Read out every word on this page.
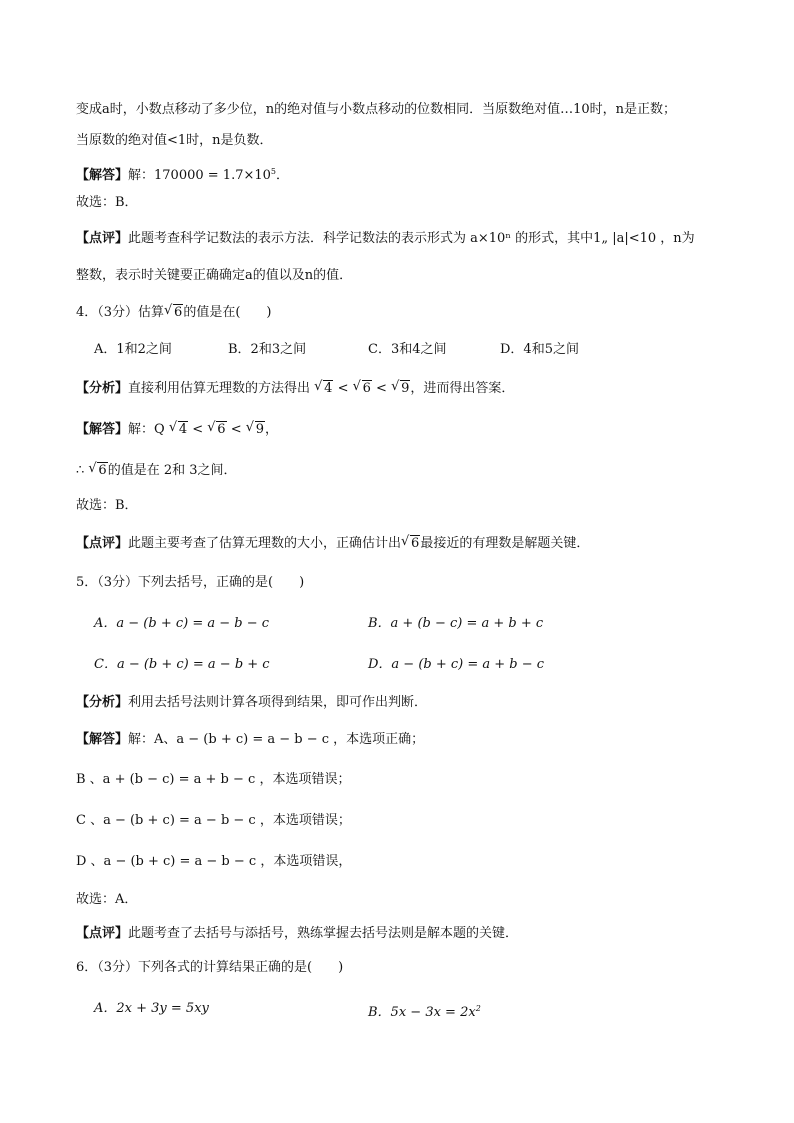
变成a时，小数点移动了多少位，n的绝对值与小数点移动的位数相同．当原数绝对值…10时，n是正数；
当原数的绝对值<1时，n是负数．
【解答】解：$170000 = 1.7\times 10^5$．
故选：B．
【点评】此题考查科学记数法的表示方法．科学记数法的表示形式为 a×10ⁿ 的形式，其中1„ |a|<10 ，n为
整数，表示时关键要正确确定a的值以及n的值．
4．（3分）估算 √ 6的值是在(　　)
A．1和2之间	B．2和3之间	C．3和4之间	D．4和5之间
【分析】直接利用估算无理数的方法得出 √ 4 < √ 6 < √ 9，进而得出答案．
【解答】解：Q √ 4 < √ 6 < √ 9，
∴ √ 6的值是在 2和 3之间．
故选：B．
【点评】此题主要考查了估算无理数的大小，正确估计出 √ 6最接近的有理数是解题关键．
5．（3分）下列去括号，正确的是(　　)
A．a − (b + c) = a − b − c	B．a + (b − c) = a + b + c
C．a − (b + c) = a − b + c	D．a − (b + c) = a + b − c
【分析】利用去括号法则计算各项得到结果，即可作出判断．
【解答】解：A、a − (b + c) = a − b − c ，本选项正确；
B 、a + (b − c) = a + b − c ，本选项错误；
C 、a − (b + c) = a − b − c ，本选项错误；
D 、a − (b + c) = a − b − c ，本选项错误，
故选：A．
【点评】此题考查了去括号与添括号，熟练掌握去括号法则是解本题的关键．
6．（3分）下列各式的计算结果正确的是(　　)
A．2x + 3y = 5xy	B．$5x - 3x = 2x^2$
